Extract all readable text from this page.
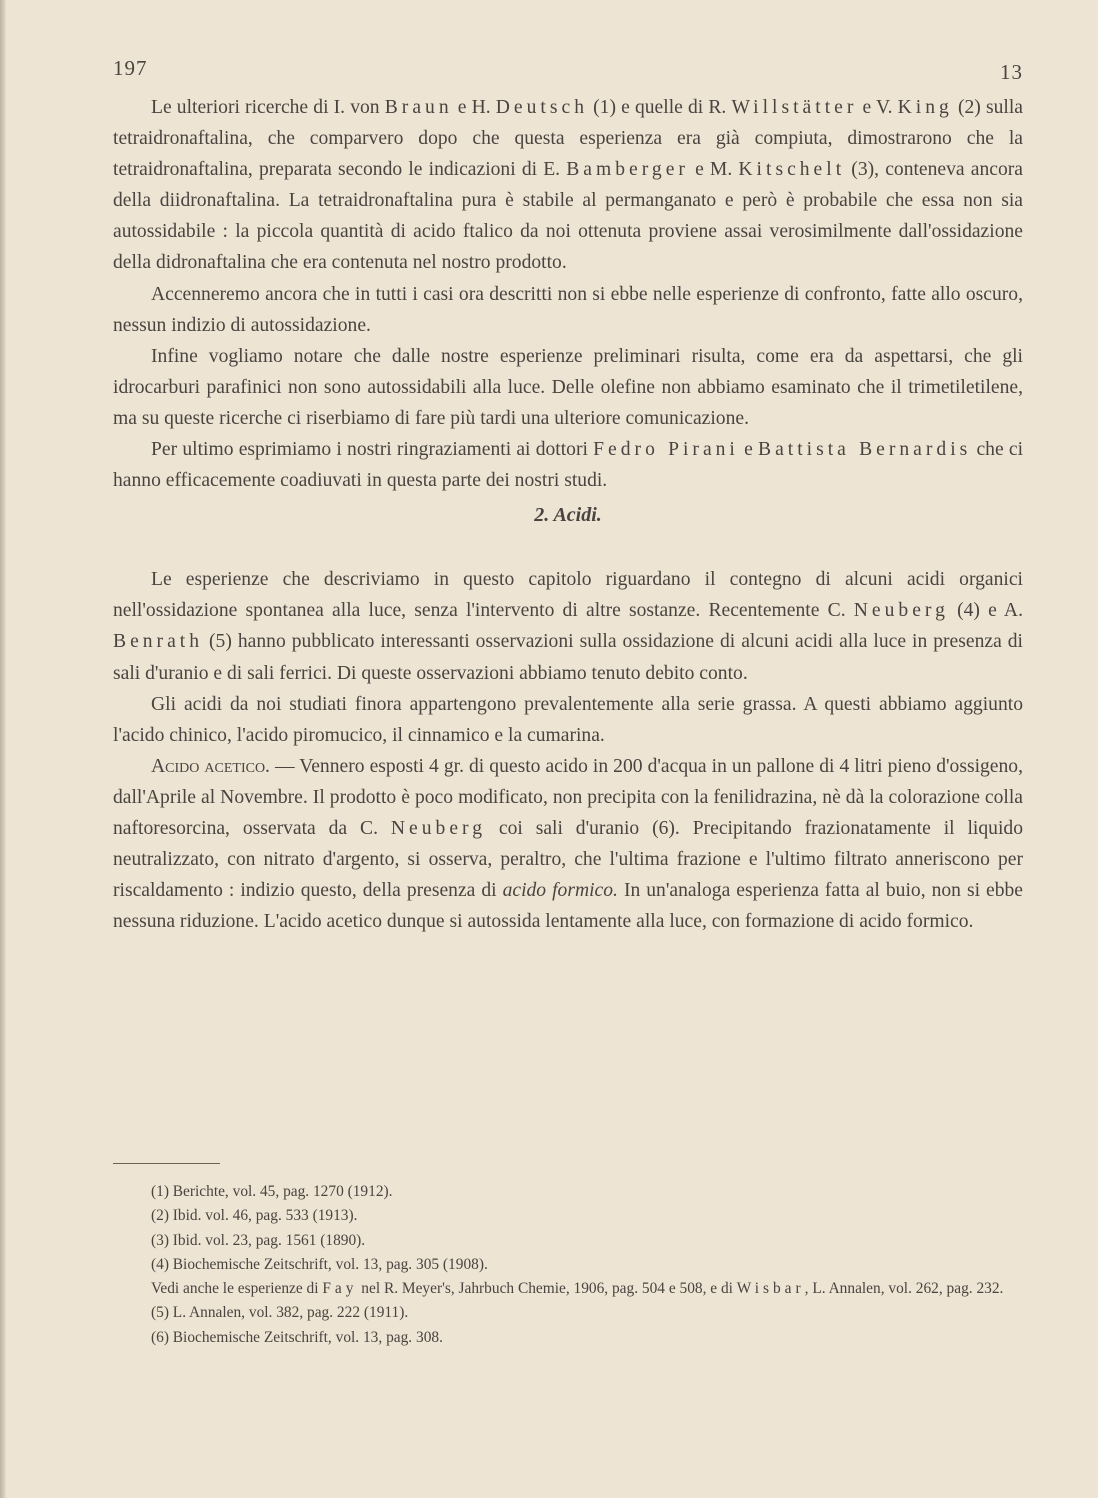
197	13

Le ulteriori ricerche di I. von Braun e H. Deutsch (1) e quelle di R. Willstätter e V. King (2) sulla tetraidronaftalina, che comparvero dopo che questa esperienza era già compiuta, dimostrarono che la tetraidronaftalina, preparata secondo le indicazioni di E. Bamberger e M. Kitschelt (3), conteneva ancora della diidronaftalina. La tetraidronaftalina pura è stabile al permanganato e però è probabile che essa non sia autossidabile : la piccola quantità di acido ftalico da noi ottenuta proviene assai verosimilmente dall'ossidazione della didronaftalina che era contenuta nel nostro prodotto.

Accenneremo ancora che in tutti i casi ora descritti non si ebbe nelle esperienze di confronto, fatte allo oscuro, nessun indizio di autossidazione.

Infine vogliamo notare che dalle nostre esperienze preliminari risulta, come era da aspettarsi, che gli idrocarburi parafinici non sono autossidabili alla luce. Delle olefine non abbiamo esaminato che il trimetiletilene, ma su queste ricerche ci riserbiamo di fare più tardi una ulteriore comunicazione.

Per ultimo esprimiamo i nostri ringraziamenti ai dottori Fedro Pirani e Battista Bernardis che ci hanno efficacemente coadiuvati in questa parte dei nostri studi.

2. Acidi.

Le esperienze che descriviamo in questo capitolo riguardano il contegno di alcuni acidi organici nell'ossidazione spontanea alla luce, senza l'intervento di altre sostanze. Recentemente C. Neuberg (4) e A. Benrath (5) hanno pubblicato interessanti osservazioni sulla ossidazione di alcuni acidi alla luce in presenza di sali d'uranio e di sali ferrici. Di queste osservazioni abbiamo tenuto debito conto.

Gli acidi da noi studiati finora appartengono prevalentemente alla serie grassa. A questi abbiamo aggiunto l'acido chinico, l'acido piromucico, il cinnamico e la cumarina.

Acido acetico. — Vennero esposti 4 gr. di questo acido in 200 d'acqua in un pallone di 4 litri pieno d'ossigeno, dall'Aprile al Novembre. Il prodotto è poco modificato, non precipita con la fenilidrazina, nè dà la colorazione colla naftoresorcina, osservata da C. Neuberg coi sali d'uranio (6). Precipitando frazionatamente il liquido neutralizzato, con nitrato d'argento, si osserva, peraltro, che l'ultima frazione e l'ultimo filtrato anneriscono per riscaldamento : indizio questo, della presenza di acido formico. In un'analoga esperienza fatta al buio, non si ebbe nessuna riduzione. L'acido acetico dunque si autossida lentamente alla luce, con formazione di acido formico.

(1) Berichte, vol. 45, pag. 1270 (1912).

(2) Ibid. vol. 46, pag. 533 (1913).

(3) Ibid. vol. 23, pag. 1561 (1890).

(4) Biochemische Zeitschrift, vol. 13, pag. 305 (1908).

Vedi anche le esperienze di Fay nel R. Meyer's, Jahrbuch Chemie, 1906, pag. 504 e 508, e di Wisbar, L. Annalen, vol. 262, pag. 232.

(5) L. Annalen, vol. 382, pag. 222 (1911).

(6) Biochemische Zeitschrift, vol. 13, pag. 308.
